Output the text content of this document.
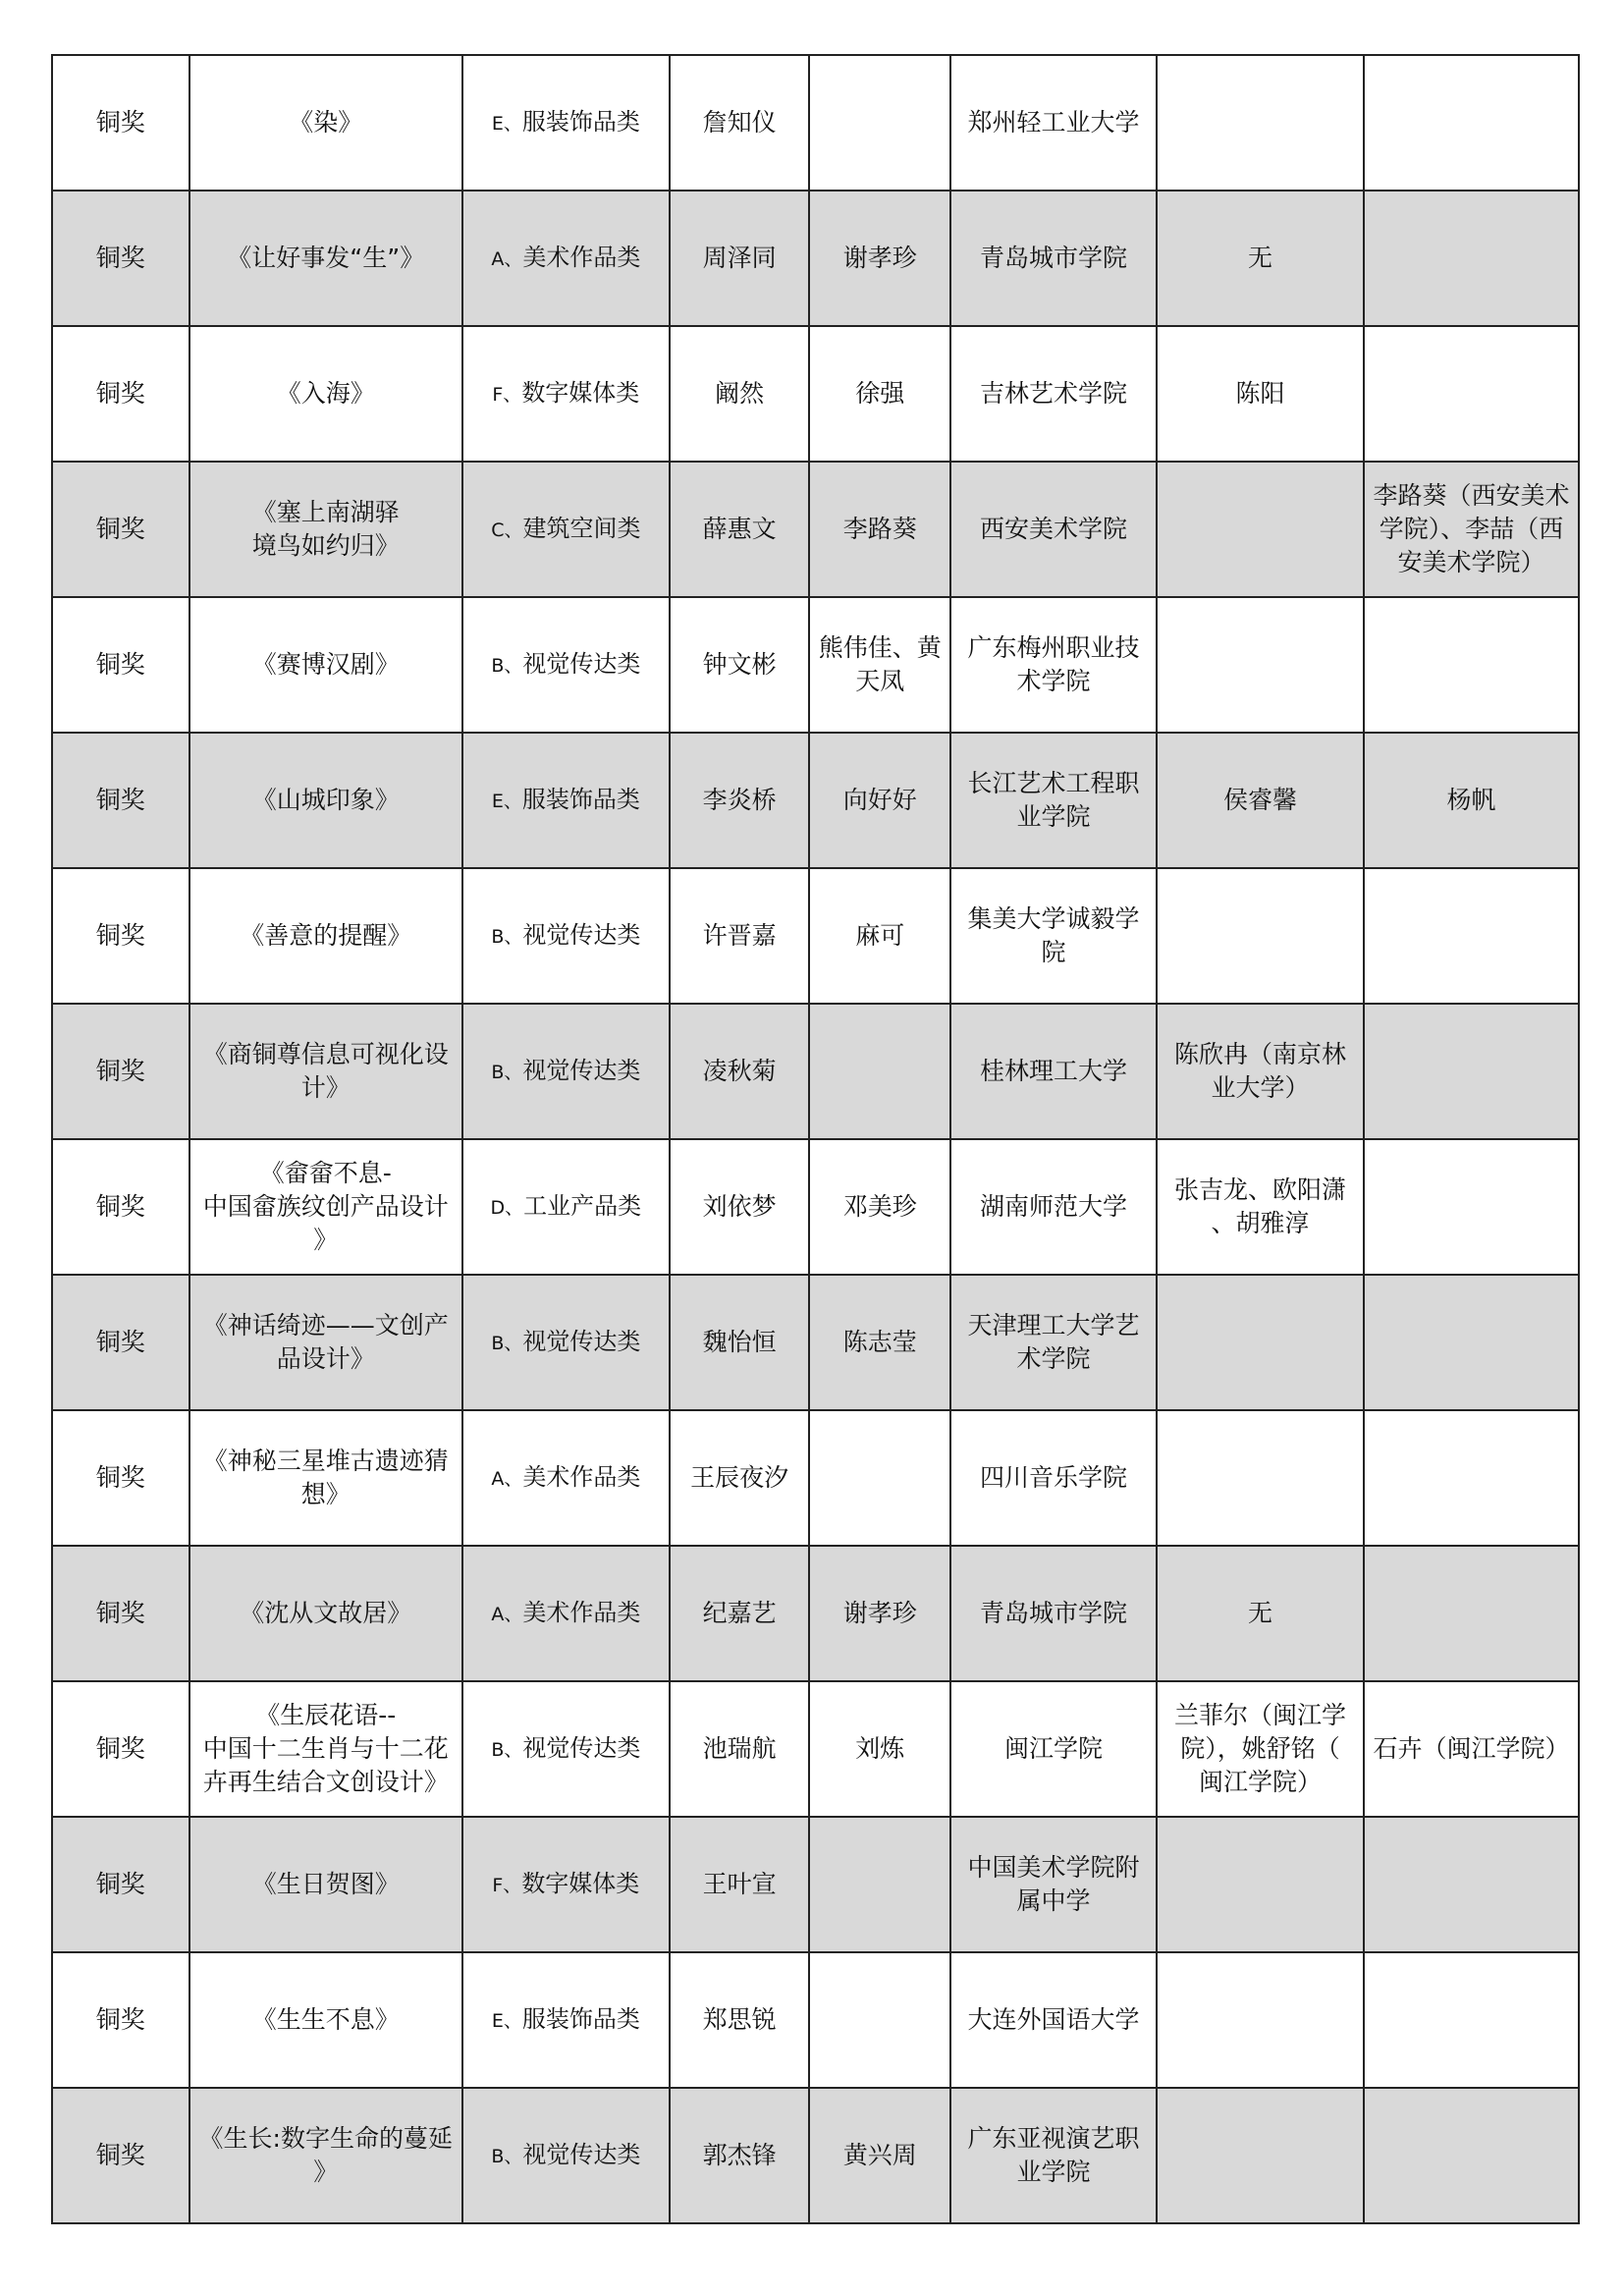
铜奖	《染》	E、服装饰品类	詹知仪		郑州轻工业大学		

铜奖	《让好事发“生”》	A、美术作品类	周泽同	谢孝珍	青岛城市学院	无	

铜奖	《入海》	F、数字媒体类	阚然	徐强	吉林艺术学院	陈阳	

铜奖	《塞上南湖驿
境鸟如约归》	C、建筑空间类	薛惠文	李路葵	西安美术学院		李路葵（西安美术
学院）、李喆（西
安美术学院）

铜奖	《赛博汉剧》	B、视觉传达类	钟文彬	熊伟佳、黄
天凤	广东梅州职业技
术学院		

铜奖	《山城印象》	E、服装饰品类	李炎桥	向好好	长江艺术工程职
业学院	侯睿馨	杨帆

铜奖	《善意的提醒》	B、视觉传达类	许晋嘉	麻可	集美大学诚毅学
院		

铜奖	《商铜尊信息可视化设
计》	B、视觉传达类	凌秋菊		桂林理工大学	陈欣冉（南京林
业大学）	

铜奖	《畲畲不息-
中国畲族纹创产品设计
》	D、工业产品类	刘依梦	邓美珍	湖南师范大学	张吉龙、欧阳潇
、胡雅淳	

铜奖	《神话绮迹——文创产
品设计》	B、视觉传达类	魏怡恒	陈志莹	天津理工大学艺
术学院		

铜奖	《神秘三星堆古遗迹猜
想》	A、美术作品类	王辰夜汐		四川音乐学院		

铜奖	《沈从文故居》	A、美术作品类	纪嘉艺	谢孝珍	青岛城市学院	无	

铜奖	《生辰花语--
中国十二生肖与十二花
卉再生结合文创设计》	B、视觉传达类	池瑞航	刘炼	闽江学院	兰菲尔（闽江学
院），姚舒铭（
闽江学院）	石卉（闽江学院）

铜奖	《生日贺图》	F、数字媒体类	王叶宣		中国美术学院附
属中学		

铜奖	《生生不息》	E、服装饰品类	郑思锐		大连外国语大学		

铜奖	《生长:数字生命的蔓延
》	B、视觉传达类	郭杰锋	黄兴周	广东亚视演艺职
业学院		
